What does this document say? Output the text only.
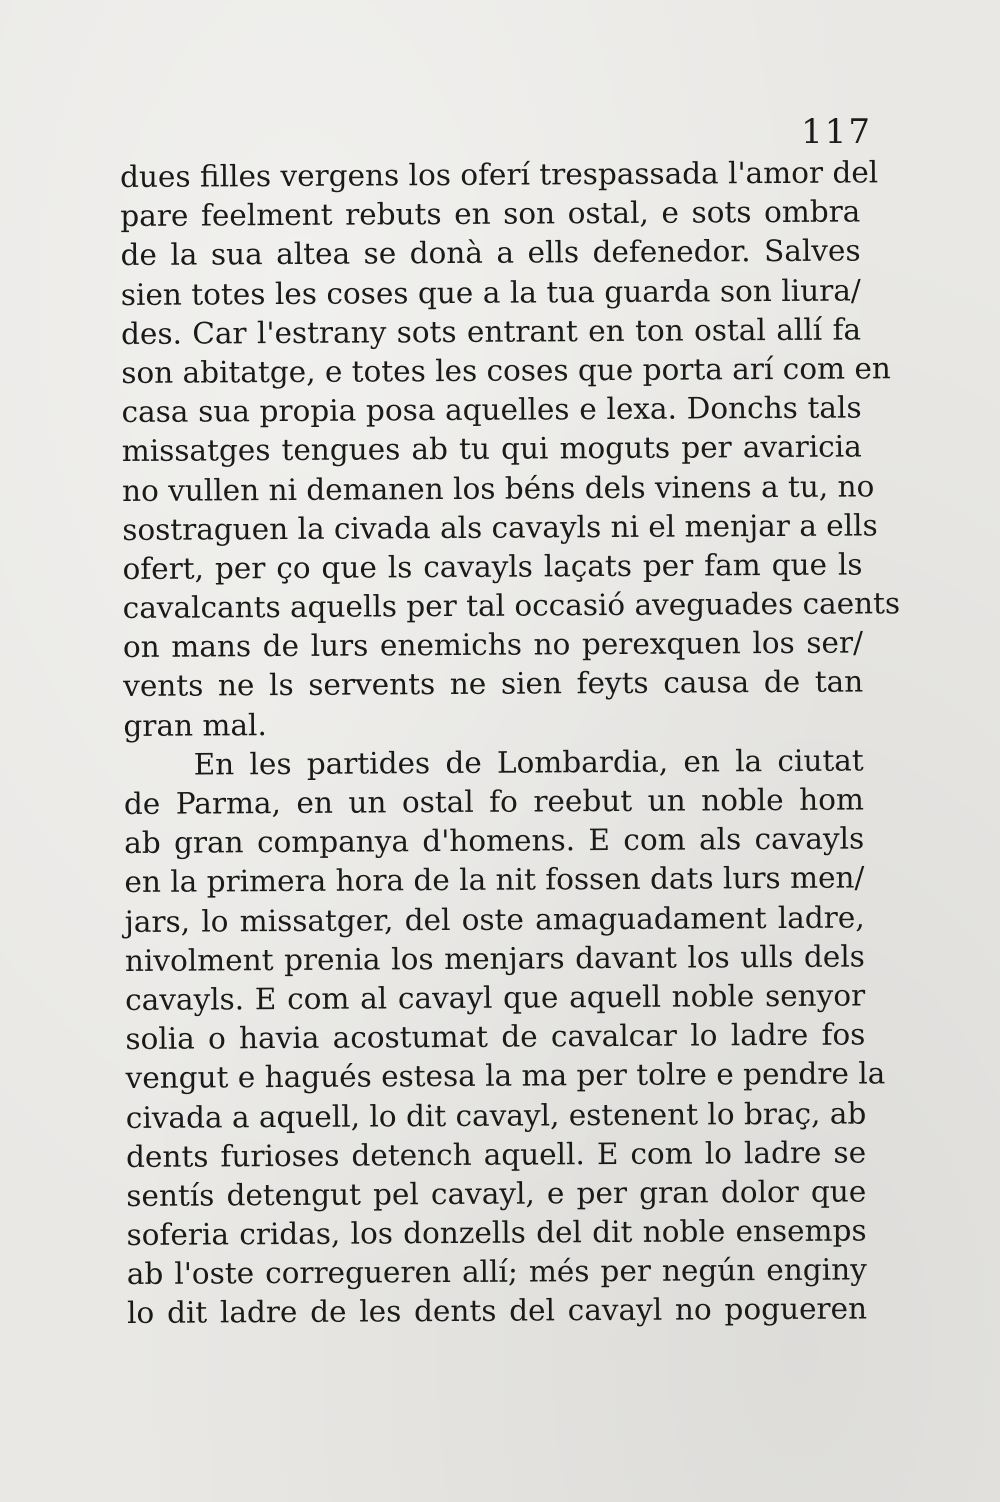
117
dues filles vergens los oferí trespassada l'amor del
pare feelment rebuts en son ostal, e sots ombra
de la sua altea se donà a ells defenedor. Salves
sien totes les coses que a la tua guarda son liura/
des. Car l'estrany sots entrant en ton ostal allí fa
son abitatge, e totes les coses que porta arí com en
casa sua propia posa aquelles e lexa. Donchs tals
missatges tengues ab tu qui moguts per avaricia
no vullen ni demanen los béns dels vinens a tu, no
sostraguen la civada als cavayls ni el menjar a ells
ofert, per ço que ls cavayls laçats per fam que ls
cavalcants aquells per tal occasió aveguades caents
on mans de lurs enemichs no perexquen los ser/
vents ne ls servents ne sien feyts causa de tan
gran mal.
En les partides de Lombardia, en la ciutat
de Parma, en un ostal fo reebut un noble hom
ab gran companya d'homens. E com als cavayls
en la primera hora de la nit fossen dats lurs men/
jars, lo missatger, del oste amaguadament ladre,
nivolment prenia los menjars davant los ulls dels
cavayls. E com al cavayl que aquell noble senyor
solia o havia acostumat de cavalcar lo ladre fos
vengut e hagués estesa la ma per tolre e pendre la
civada a aquell, lo dit cavayl, estenent lo braç, ab
dents furioses detench aquell. E com lo ladre se
sentís detengut pel cavayl, e per gran dolor que
soferia cridas, los donzells del dit noble ensemps
ab l'oste corregueren allí; més per negún enginy
lo dit ladre de les dents del cavayl no pogueren
